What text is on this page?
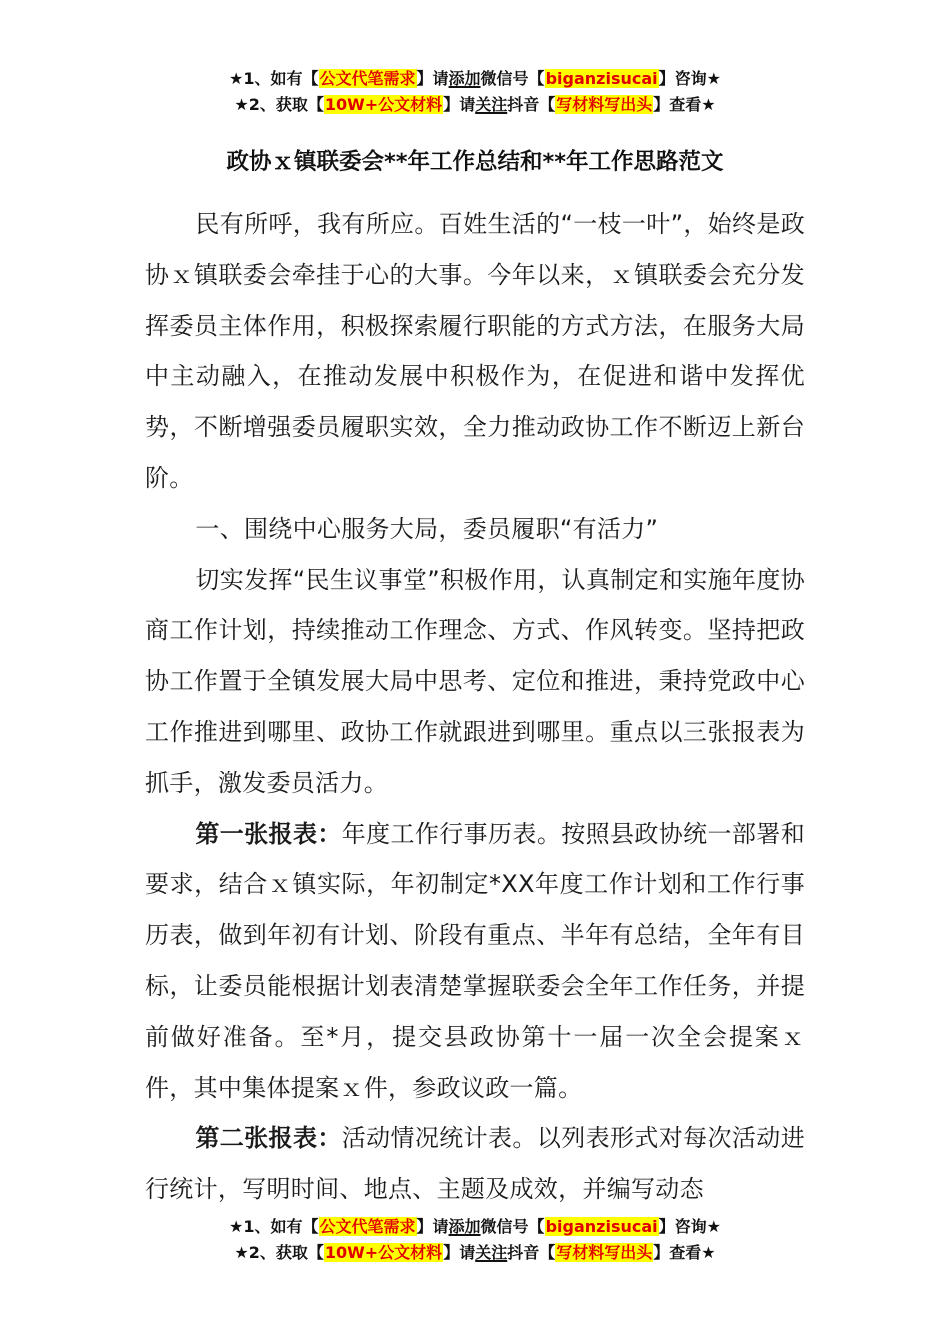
★1、如有【公文代笔需求】请添加微信号【biganzisucai】咨询★
★2、获取【10W+公文材料】请关注抖音【写材料写出头】查看★
政协ｘ镇联委会**年工作总结和**年工作思路范文

民有所呼，我有所应。百姓生活的“一枝一叶”，始终是政协ｘ镇联委会牵挂于心的大事。今年以来，ｘ镇联委会充分发挥委员主体作用，积极探索履行职能的方式方法，在服务大局中主动融入，在推动发展中积极作为，在促进和谐中发挥优势，不断增强委员履职实效，全力推动政协工作不断迈上新台阶。

一、围绕中心服务大局，委员履职“有活力”

切实发挥“民生议事堂”积极作用，认真制定和实施年度协商工作计划，持续推动工作理念、方式、作风转变。坚持把政协工作置于全镇发展大局中思考、定位和推进，秉持党政中心工作推进到哪里、政协工作就跟进到哪里。重点以三张报表为抓手，激发委员活力。

第一张报表：年度工作行事历表。按照县政协统一部署和要求，结合ｘ镇实际，年初制定*XX年度工作计划和工作行事历表，做到年初有计划、阶段有重点、半年有总结，全年有目标，让委员能根据计划表清楚掌握联委会全年工作任务，并提前做好准备。至*月，提交县政协第十一届一次全会提案ｘ件，其中集体提案ｘ件，参政议政一篇。

第二张报表：活动情况统计表。以列表形式对每次活动进行统计，写明时间、地点、主题及成效，并编写动态

★1、如有【公文代笔需求】请添加微信号【biganzisucai】咨询★
★2、获取【10W+公文材料】请关注抖音【写材料写出头】查看★
